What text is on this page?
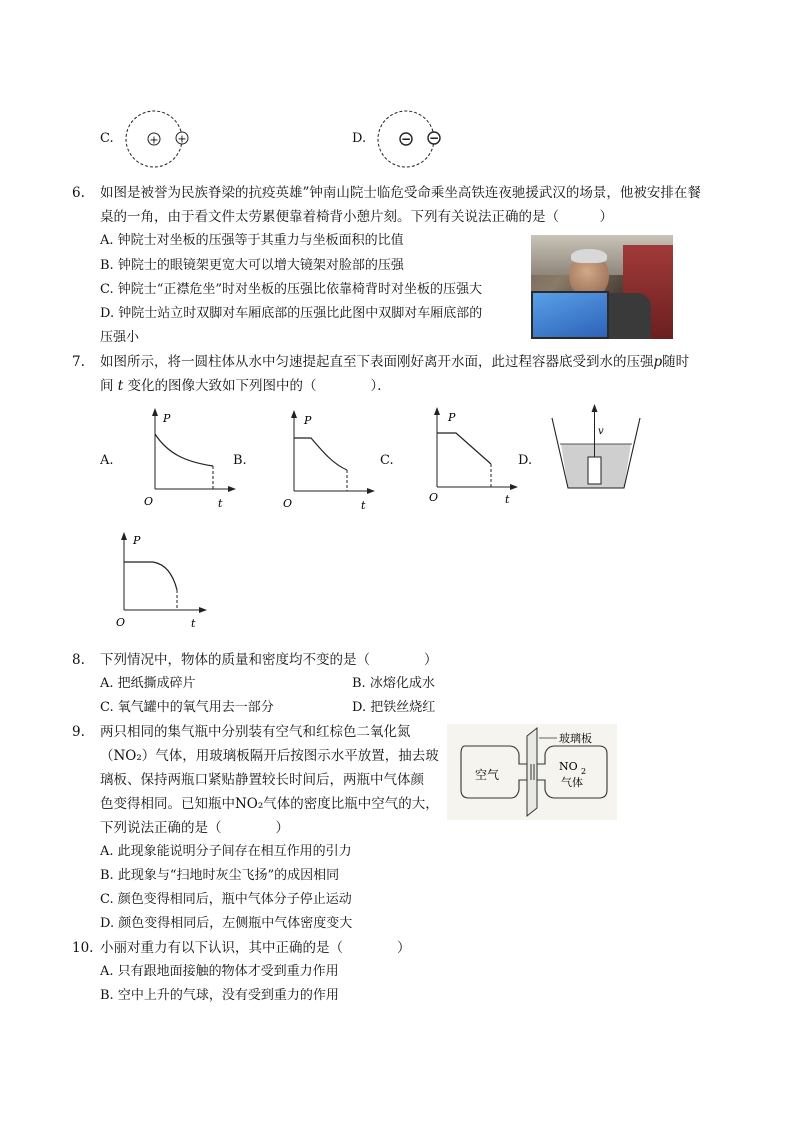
C.	+ +	D.	− −
6. 如图是被誉为民族脊梁的抗疫英雄”钟南山院士临危受命乘坐高铁连夜驰援武汉的场景，他被安排在餐
桌的一角，由于看文件太劳累便靠着椅背小憩片刻。下列有关说法正确的是（　　　）
A. 钟院士对坐板的压强等于其重力与坐板面积的比值
B. 钟院士的眼镜架更宽大可以增大镜架对脸部的压强
C. 钟院士“正襟危坐”时对坐板的压强比依靠椅背时对坐板的压强大
D. 钟院士站立时双脚对车厢底部的压强比此图中双脚对车厢底部的
压强小
7. 如图所示，将一圆柱体从水中匀速提起直至下表面刚好离开水面，此过程容器底受到水的压强p随时
间 t 变化的图像大致如下列图中的（　　　　）．
A.
P
O	t
B.
P
O	t
C.
P
O	t
D.
v
P
O	t
8. 下列情况中，物体的质量和密度均不变的是（　　　　）
A. 把纸撕成碎片	B. 冰熔化成水
C. 氧气罐中的氧气用去一部分	D. 把铁丝烧红
9. 两只相同的集气瓶中分别装有空气和红棕色二氧化氮
（NO₂）气体，用玻璃板隔开后按图示水平放置，抽去玻
璃板、保持两瓶口紧贴静置较长时间后，两瓶中气体颜
色变得相同。已知瓶中NO₂气体的密度比瓶中空气的大，
下列说法正确的是（　　　　）
A. 此现象能说明分子间存在相互作用的引力
B. 此现象与“扫地时灰尘飞扬”的成因相同
C. 颜色变得相同后，瓶中气体分子停止运动
D. 颜色变得相同后，左侧瓶中气体密度变大
玻璃板
空气
NO 2
气体
10. 小丽对重力有以下认识，其中正确的是（　　　　）
A. 只有跟地面接触的物体才受到重力作用
B. 空中上升的气球，没有受到重力的作用
